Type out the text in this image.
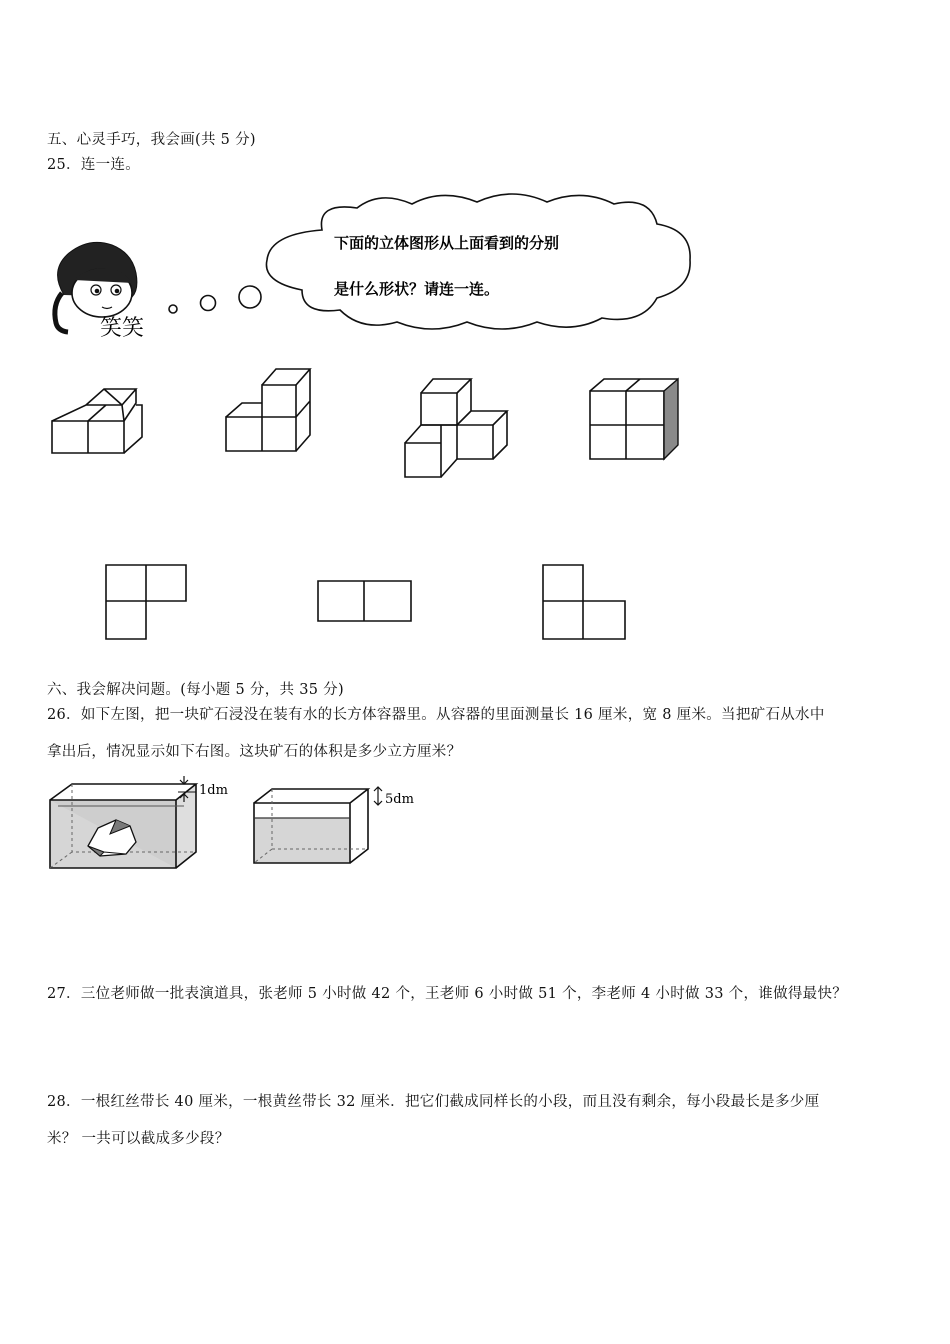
五、心灵手巧，我会画(共 5 分)
25．连一连。
笑笑
下面的立体图形从上面看到的分别
是什么形状？请连一连。
六、我会解决问题。(每小题 5 分，共 35 分)
26．如下左图，把一块矿石浸没在装有水的长方体容器里。从容器的里面测量长 16 厘米，宽 8 厘米。当把矿石从水中
拿出后，情况显示如下右图。这块矿石的体积是多少立方厘米？
1dm
5dm
27．三位老师做一批表演道具，张老师 5 小时做 42 个，王老师 6 小时做 51 个，李老师 4 小时做 33 个，谁做得最快？
28．一根红丝带长 40 厘米，一根黄丝带长 32 厘米．把它们截成同样长的小段，而且没有剩余，每小段最长是多少厘
米？ 一共可以截成多少段？
